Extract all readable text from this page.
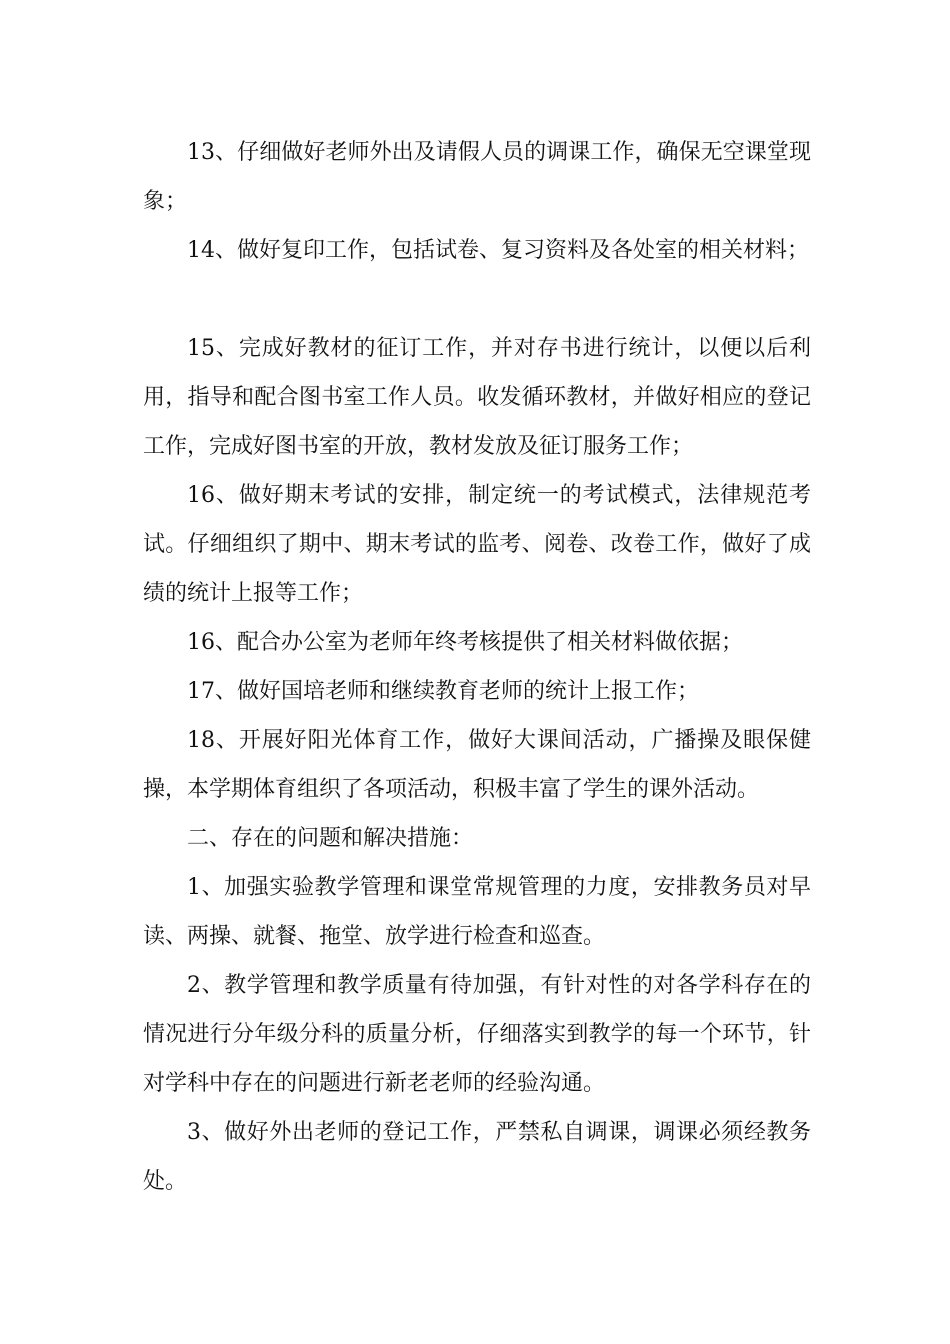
13、仔细做好老师外出及请假人员的调课工作，确保无空课堂现象；

14、做好复印工作，包括试卷、复习资料及各处室的相关材料；

15、完成好教材的征订工作，并对存书进行统计，以便以后利用，指导和配合图书室工作人员。收发循环教材，并做好相应的登记工作，完成好图书室的开放，教材发放及征订服务工作；

16、做好期末考试的安排，制定统一的考试模式，法律规范考试。仔细组织了期中、期末考试的监考、阅卷、改卷工作，做好了成绩的统计上报等工作；

16、配合办公室为老师年终考核提供了相关材料做依据；

17、做好国培老师和继续教育老师的统计上报工作；

18、开展好阳光体育工作，做好大课间活动，广播操及眼保健操，本学期体育组织了各项活动，积极丰富了学生的课外活动。

二、存在的问题和解决措施：

1、加强实验教学管理和课堂常规管理的力度，安排教务员对早读、两操、就餐、拖堂、放学进行检查和巡查。

2、教学管理和教学质量有待加强，有针对性的对各学科存在的情况进行分年级分科的质量分析，仔细落实到教学的每一个环节，针对学科中存在的问题进行新老老师的经验沟通。

3、做好外出老师的登记工作，严禁私自调课，调课必须经教务处。
